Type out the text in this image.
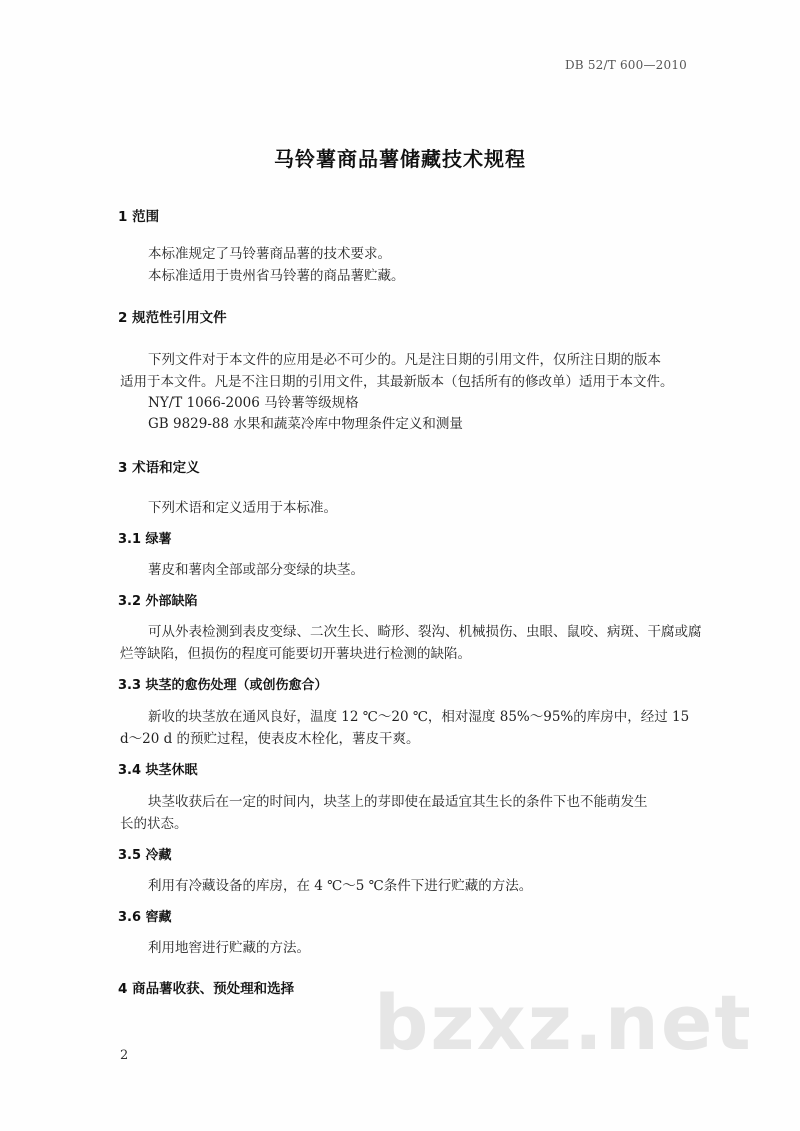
DB 52/T 600—2010
马铃薯商品薯储藏技术规程
1 范围
本标准规定了马铃薯商品薯的技术要求。
本标准适用于贵州省马铃薯的商品薯贮藏。
2 规范性引用文件
下列文件对于本文件的应用是必不可少的。凡是注日期的引用文件，仅所注日期的版本
适用于本文件。凡是不注日期的引用文件，其最新版本（包括所有的修改单）适用于本文件。
NY/T 1066-2006 马铃薯等级规格
GB 9829-88 水果和蔬菜冷库中物理条件定义和测量
3 术语和定义
下列术语和定义适用于本标准。
3.1 绿薯
薯皮和薯肉全部或部分变绿的块茎。
3.2 外部缺陷
可从外表检测到表皮变绿、二次生长、畸形、裂沟、机械损伤、虫眼、鼠咬、病斑、干腐或腐
烂等缺陷，但损伤的程度可能要切开薯块进行检测的缺陷。
3.3 块茎的愈伤处理（或创伤愈合）
新收的块茎放在通风良好，温度 12 ℃～20 ℃，相对湿度 85%～95%的库房中，经过 15
d～20 d 的预贮过程，使表皮木栓化，薯皮干爽。
3.4 块茎休眠
块茎收获后在一定的时间内，块茎上的芽即使在最适宜其生长的条件下也不能萌发生
长的状态。
3.5 冷藏
利用有冷藏设备的库房，在 4 ℃～5 ℃条件下进行贮藏的方法。
3.6 窖藏
利用地窖进行贮藏的方法。
4 商品薯收获、预处理和选择 bzxz.net
2
